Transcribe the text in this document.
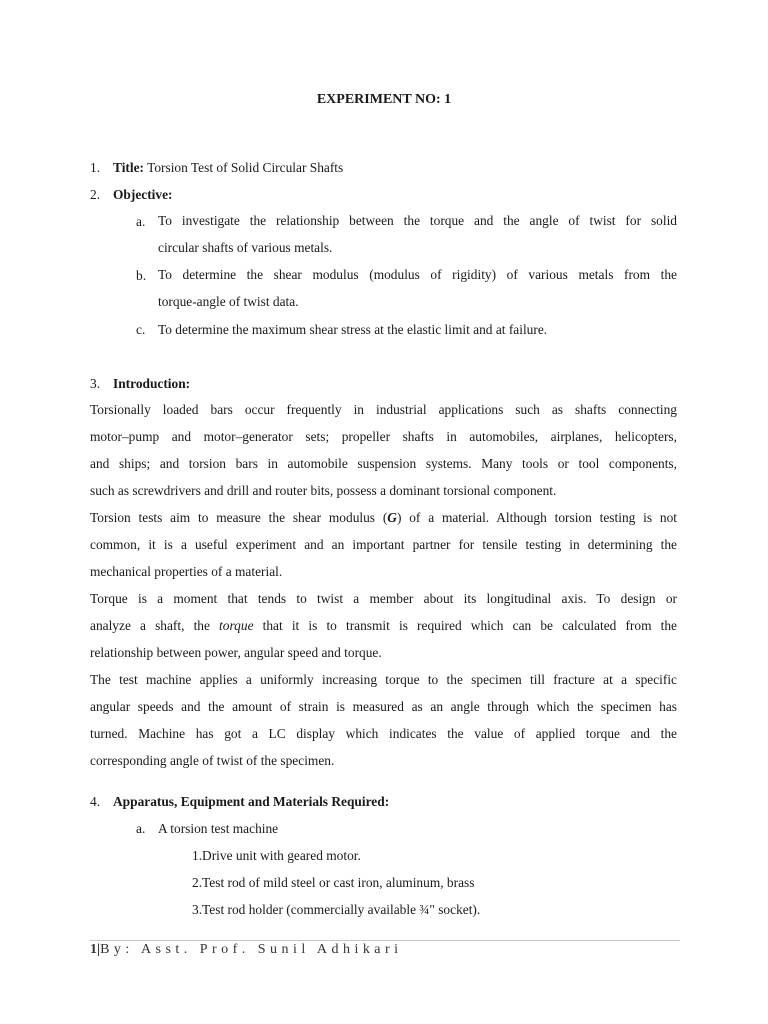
EXPERIMENT NO: 1
1. Title: Torsion Test of Solid Circular Shafts
2. Objective:
a. To investigate the relationship between the torque and the angle of twist for solid
circular shafts of various metals.
b. To determine the shear modulus (modulus of rigidity) of various metals from the
torque-angle of twist data.
c. To determine the maximum shear stress at the elastic limit and at failure.
3. Introduction:
Torsionally loaded bars occur frequently in industrial applications such as shafts connecting
motor–pump and motor–generator sets; propeller shafts in automobiles, airplanes, helicopters,
and ships; and torsion bars in automobile suspension systems. Many tools or tool components,
such as screwdrivers and drill and router bits, possess a dominant torsional component.
Torsion tests aim to measure the shear modulus (G) of a material. Although torsion testing is not
common, it is a useful experiment and an important partner for tensile testing in determining the
mechanical properties of a material.
Torque is a moment that tends to twist a member about its longitudinal axis. To design or
analyze a shaft, the torque that it is to transmit is required which can be calculated from the
relationship between power, angular speed and torque.
The test machine applies a uniformly increasing torque to the specimen till fracture at a specific
angular speeds and the amount of strain is measured as an angle through which the specimen has
turned. Machine has got a LC display which indicates the value of applied torque and the
corresponding angle of twist of the specimen.
4. Apparatus, Equipment and Materials Required:
a. A torsion test machine
1.Drive unit with geared motor.
2.Test rod of mild steel or cast iron, aluminum, brass
3.Test rod holder (commercially available ¾" socket).
1|By: Asst. Prof. Sunil Adhikari
